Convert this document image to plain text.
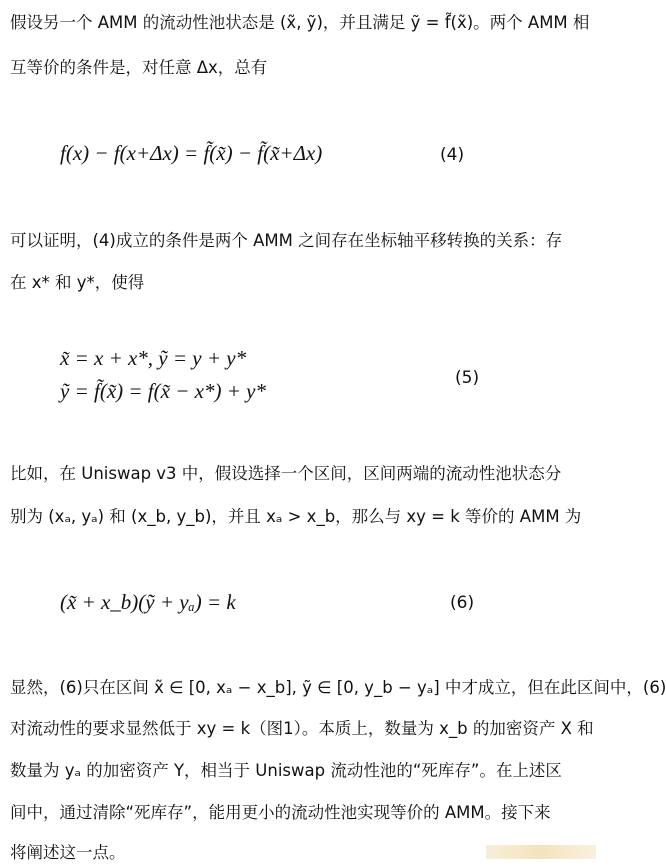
假设另一个 AMM 的流动性池状态是 (x̃, ỹ)，并且满足 ỹ = f̃(x̃)。两个 AMM 相
互等价的条件是，对任意 Δx，总有
f(x) − f(x+Δx) = f̃(x̃) − f̃(x̃+Δx)	(4)
可以证明，(4)成立的条件是两个 AMM 之间存在坐标轴平移转换的关系：存
在 x* 和 y*，使得
x̃ = x + x*, ỹ = y + y*
ỹ = f̃(x̃) = f(x̃ − x*) + y*
(5)
比如，在 Uniswap v3 中，假设选择一个区间，区间两端的流动性池状态分
别为 (xₐ, yₐ) 和 (x_b, y_b)，并且 xₐ > x_b，那么与 xy = k 等价的 AMM 为
(x̃ + x_b)(ỹ + yₐ) = k	(6)
显然，(6)只在区间 x̃ ∈ [0, xₐ − x_b], ỹ ∈ [0, y_b − yₐ] 中才成立，但在此区间中，(6)
对流动性的要求显然低于 xy = k（图1）。本质上，数量为 x_b 的加密资产 X 和
数量为 yₐ 的加密资产 Y，相当于 Uniswap 流动性池的“死库存”。在上述区
间中，通过清除“死库存”，能用更小的流动性池实现等价的 AMM。接下来
将阐述这一点。
